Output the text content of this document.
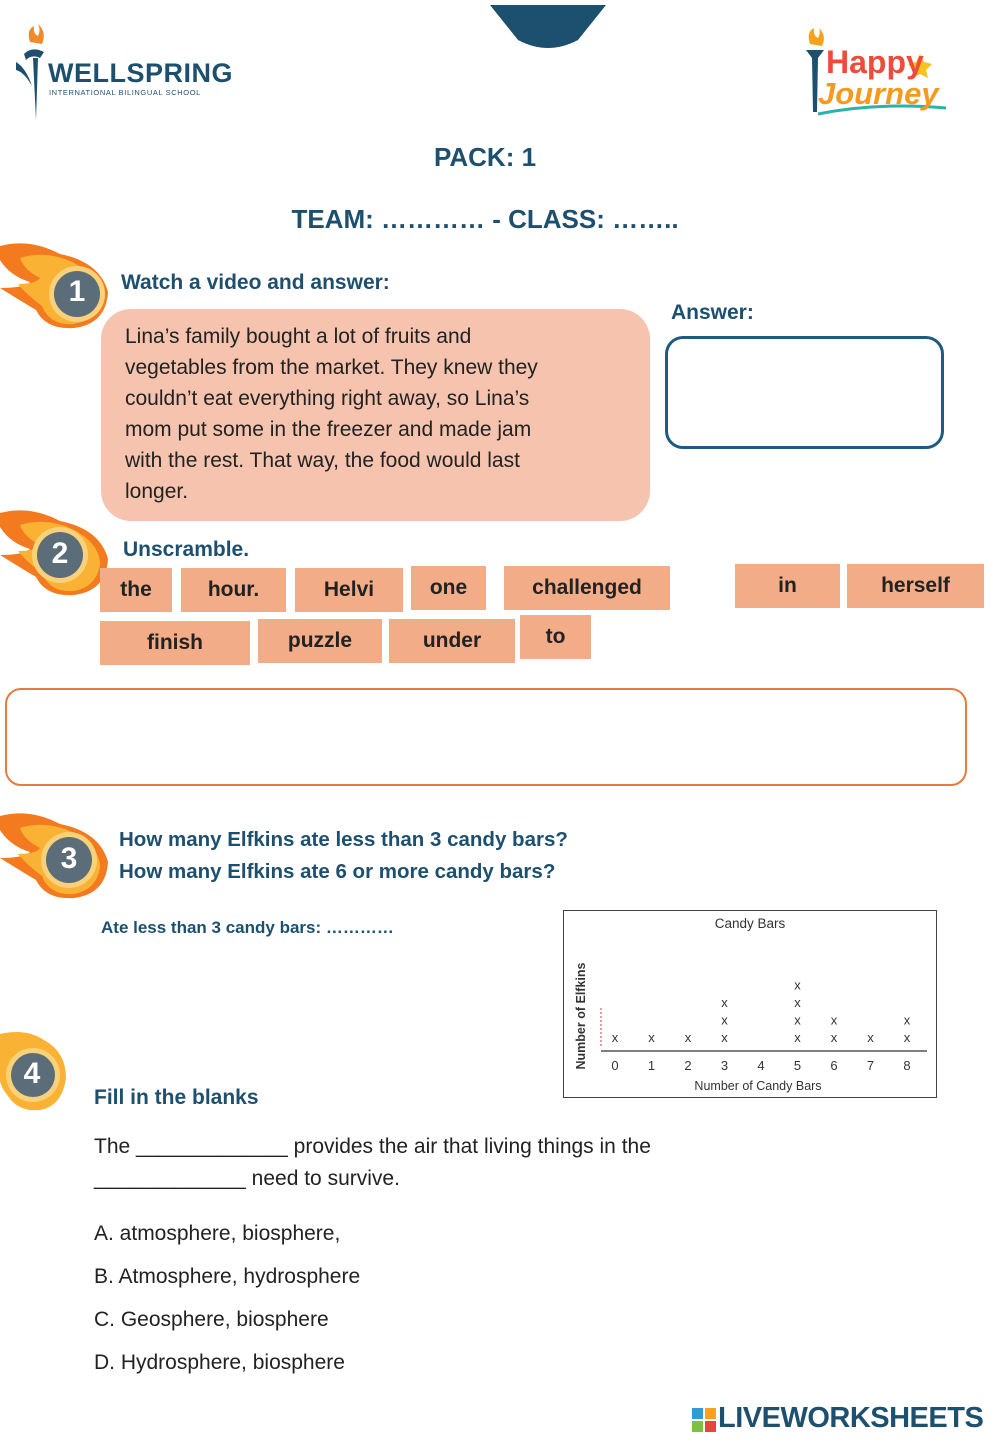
WELLSPRING
INTERNATIONAL BILINGUAL SCHOOL
Happy
Journey
PACK: 1
TEAM: ………… - CLASS: ……..
1	Watch a video and answer:
Lina’s family bought a lot of fruits and
vegetables from the market. They knew they
couldn’t eat everything right away, so Lina’s
mom put some in the freezer and made jam
with the rest. That way, the food would last
longer.
Answer:
2	Unscramble.
the	hour.	Helvi	one	challenged	in	herself
finish	puzzle	under	to
3
How many Elfkins ate less than 3 candy bars?
How many Elfkins ate 6 or more candy bars?
Ate less than 3 candy bars: …………	Candy Bars
Number of Elfkins
Number of Candy Bars
0
x
1
x
2
x
3
x
x
x
4 5
x
x
x
x
6
x
x
7
x
8
x
x
4
Fill in the blanks
The _____________ provides the air that living things in the
_____________ need to survive.
A. atmosphere, biosphere,
B. Atmosphere, hydrosphere
C. Geosphere, biosphere
D. Hydrosphere, biosphere
LIVEWORKSHEETS
